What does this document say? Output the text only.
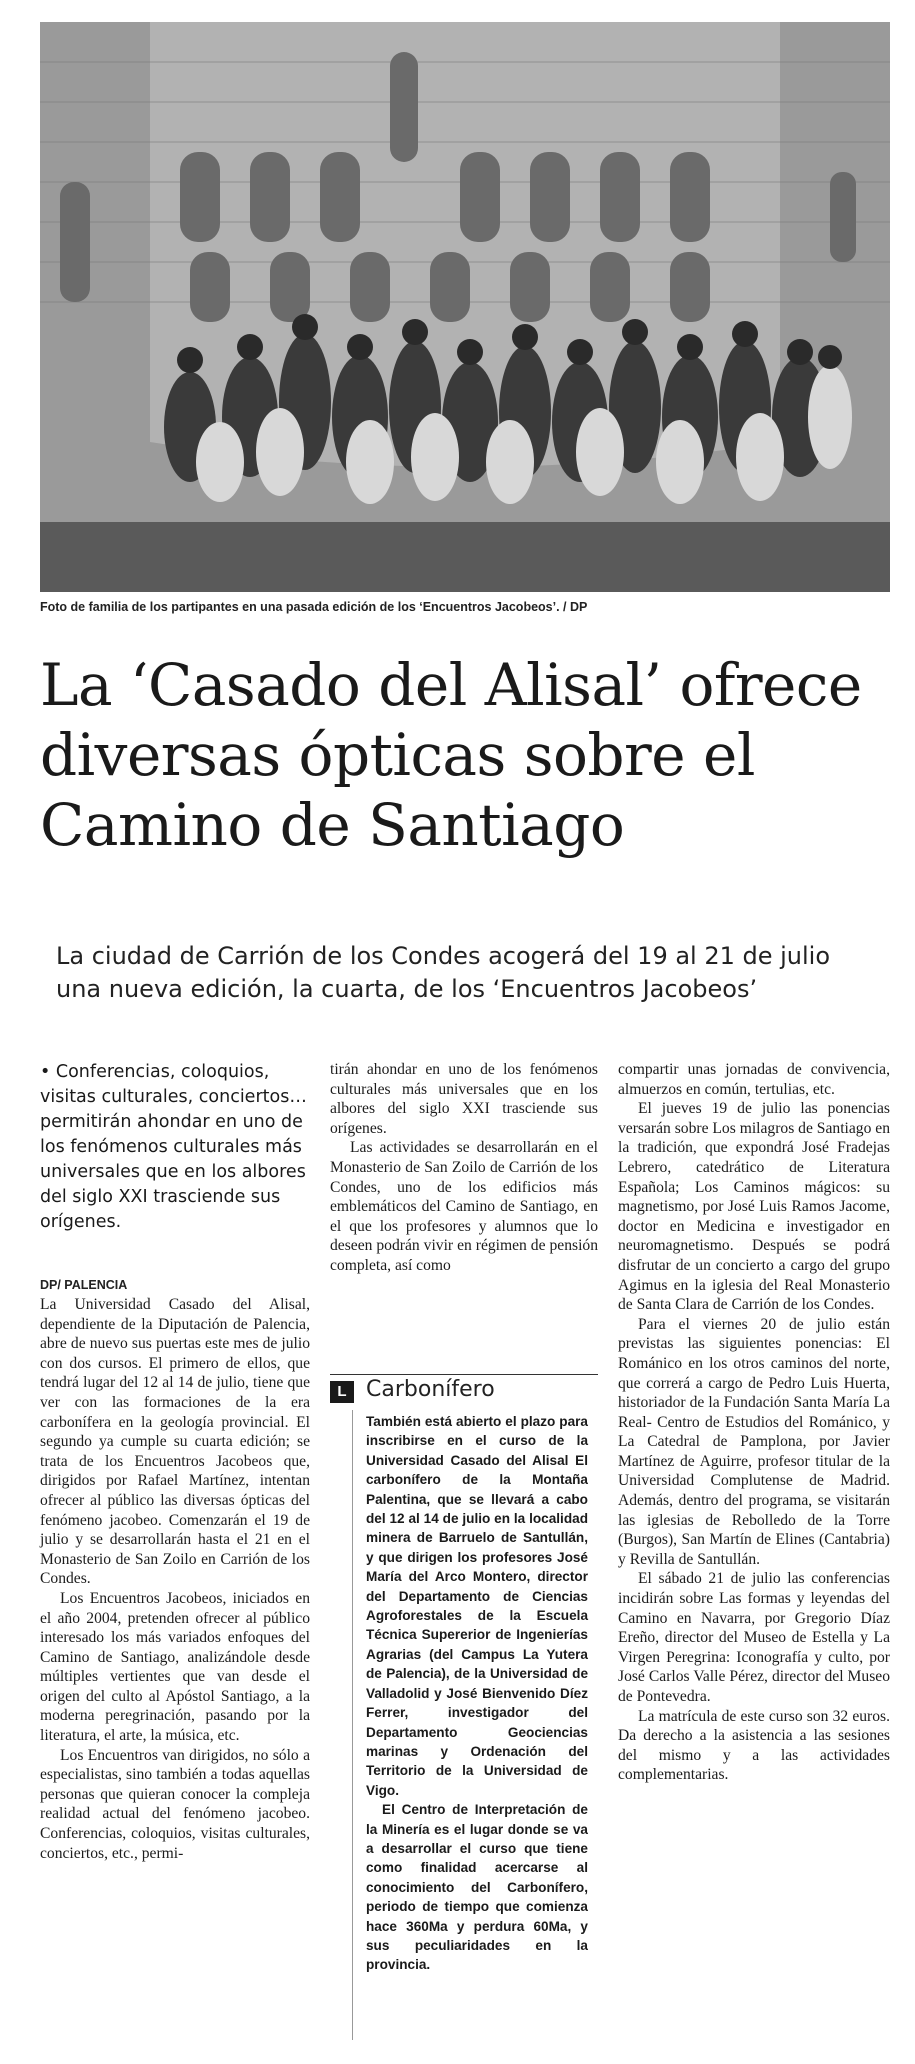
Foto de familia de los partipantes en una pasada edición de los ‘Encuentros Jacobeos’. / DP
La ‘Casado del Alisal’ ofrece
diversas ópticas sobre el
Camino de Santiago
La ciudad de Carrión de los Condes acogerá del 19 al 21 de julio
una nueva edición, la cuarta, de los ‘Encuentros Jacobeos’
• Conferencias, coloquios, visitas culturales, conciertos… permitirán ahondar en uno de los fenómenos culturales más universales que en los albores del siglo XXI trasciende sus orígenes.
DP/ PALENCIA

La Universidad Casado del Alisal, dependiente de la Diputación de Palencia, abre de nuevo sus puertas este mes de julio con dos cursos. El primero de ellos, que tendrá lugar del 12 al 14 de julio, tiene que ver con las formaciones de la era carbonífera en la geología provincial. El segundo ya cumple su cuarta edición; se trata de los Encuentros Jacobeos que, dirigidos por Rafael Martínez, intentan ofrecer al público las diversas ópticas del fenómeno jacobeo. Comenzarán el 19 de julio y se desarrollarán hasta el 21 en el Monasterio de San Zoilo en Carrión de los Condes.

Los Encuentros Jacobeos, iniciados en el año 2004, pretenden ofrecer al público interesado los más variados enfoques del Camino de Santiago, analizándole desde múltiples vertientes que van desde el origen del culto al Apóstol Santiago, a la moderna peregrinación, pasando por la literatura, el arte, la música, etc.

Los Encuentros van dirigidos, no sólo a especialistas, sino también a todas aquellas personas que quieran conocer la compleja realidad actual del fenómeno jacobeo. Conferencias, coloquios, visitas culturales, conciertos, etc., permi-

tirán ahondar en uno de los fenómenos culturales más universales que en los albores del siglo XXI trasciende sus orígenes.

Las actividades se desarrollarán en el Monasterio de San Zoilo de Carrión de los Condes, uno de los edificios más emblemáticos del Camino de Santiago, en el que los profesores y alumnos que lo deseen podrán vivir en régimen de pensión completa, así como

L Carbonífero

También está abierto el plazo para inscribirse en el curso de la Universidad Casado del Alisal El carbonífero de la Montaña Palentina, que se llevará a cabo del 12 al 14 de julio en la localidad minera de Barruelo de Santullán, y que dirigen los profesores José María del Arco Montero, director del Departamento de Ciencias Agroforestales de la Escuela Técnica Supererior de Ingenierías Agrarias (del Campus La Yutera de Palencia), de la Universidad de Valladolid y José Bienvenido Díez Ferrer, investigador del Departamento Geociencias marinas y Ordenación del Territorio de la Universidad de Vigo.

El Centro de Interpretación de la Minería es el lugar donde se va a desarrollar el curso que tiene como finalidad acercarse al conocimiento del Carbonífero, periodo de tiempo que comienza hace 360Ma y perdura 60Ma, y sus peculiaridades en la provincia.

compartir unas jornadas de convivencia, almuerzos en común, tertulias, etc.

El jueves 19 de julio las ponencias versarán sobre Los milagros de Santiago en la tradición, que expondrá José Fradejas Lebrero, catedrático de Literatura Española; Los Caminos mágicos: su magnetismo, por José Luis Ramos Jacome, doctor en Medicina e investigador en neuromagnetismo. Después se podrá disfrutar de un concierto a cargo del grupo Agimus en la iglesia del Real Monasterio de Santa Clara de Carrión de los Condes.

Para el viernes 20 de julio están previstas las siguientes ponencias: El Románico en los otros caminos del norte, que correrá a cargo de Pedro Luis Huerta, historiador de la Fundación Santa María La Real- Centro de Estudios del Románico, y La Catedral de Pamplona, por Javier Martínez de Aguirre, profesor titular de la Universidad Complutense de Madrid. Además, dentro del programa, se visitarán las iglesias de Rebolledo de la Torre (Burgos), San Martín de Elines (Cantabria) y Revilla de Santullán.

El sábado 21 de julio las conferencias incidirán sobre Las formas y leyendas del Camino en Navarra, por Gregorio Díaz Ereño, director del Museo de Estella y La Virgen Peregrina: Iconografía y culto, por José Carlos Valle Pérez, director del Museo de Pontevedra.

La matrícula de este curso son 32 euros. Da derecho a la asistencia a las sesiones del mismo y a las actividades complementarias.
